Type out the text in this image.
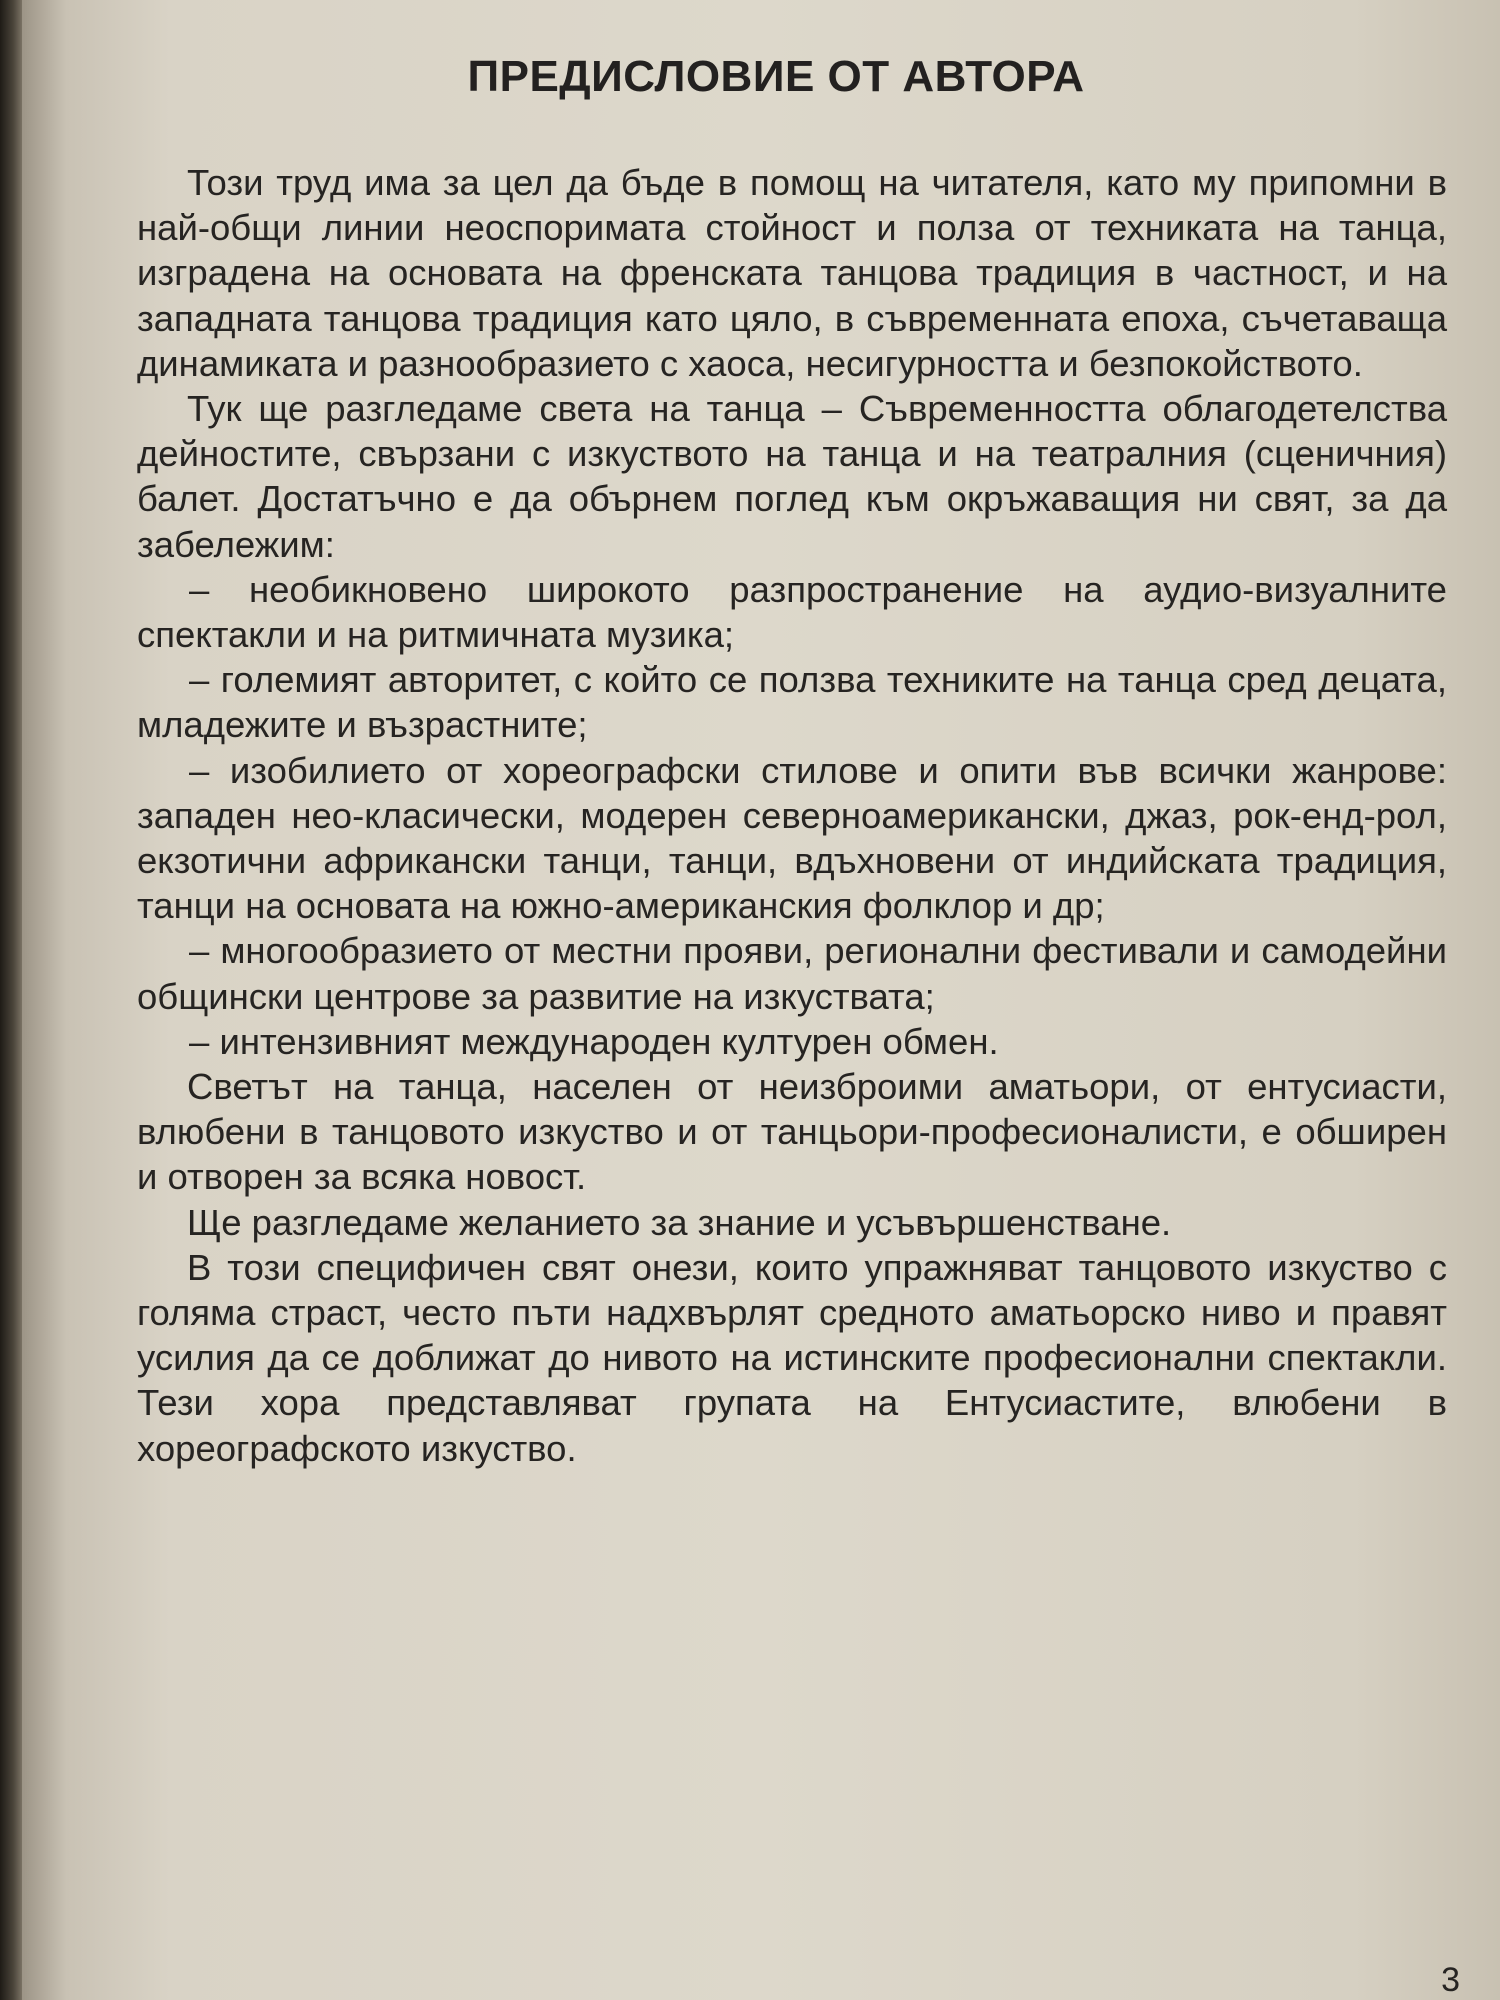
ПРЕДИСЛОВИЕ ОТ АВТОРА

Този труд има за цел да бъде в помощ на читателя, като му припомни в най-общи линии неоспоримата стойност и полза от техниката на танца, изградена на основата на френската танцова традиция в частност, и на западната танцова традиция като цяло, в съвременната епоха, съчетаваща динамиката и разнообразието с хаоса, несигурността и безпокойството.

Тук ще разгледаме света на танца – Съвременността облагодетелства дейностите, свързани с изкуството на танца и на театралния (сценичния) балет. Достатъчно е да обърнем поглед към окръжаващия ни свят, за да забележим:

– необикновено широкото разпространение на аудио-визуалните спектакли и на ритмичната музика;

– големият авторитет, с който се ползва техниките на танца сред децата, младежите и възрастните;

– изобилието от хореографски стилове и опити във всички жанрове: западен нео-класически, модерен северноамерикански, джаз, рок-енд-рол, екзотични африкански танци, танци, вдъхновени от индийската традиция, танци на основата на южно-американския фолклор и др;

– многообразието от местни прояви, регионални фестивали и самодейни общински центрове за развитие на изкуствата;

– интензивният международен културен обмен.

Светът на танца, населен от неизброими аматьори, от ентусиасти, влюбени в танцовото изкуство и от танцьори-професионалисти, е обширен и отворен за всяка новост.

Ще разгледаме желанието за знание и усъвършенстване.

В този специфичен свят онези, които упражняват танцовото изкуство с голяма страст, често пъти надхвърлят средното аматьорско ниво и правят усилия да се доближат до нивото на истинските професионални спектакли. Тези хора представляват групата на Ентусиастите, влюбени в хореографското изкуство.

3
